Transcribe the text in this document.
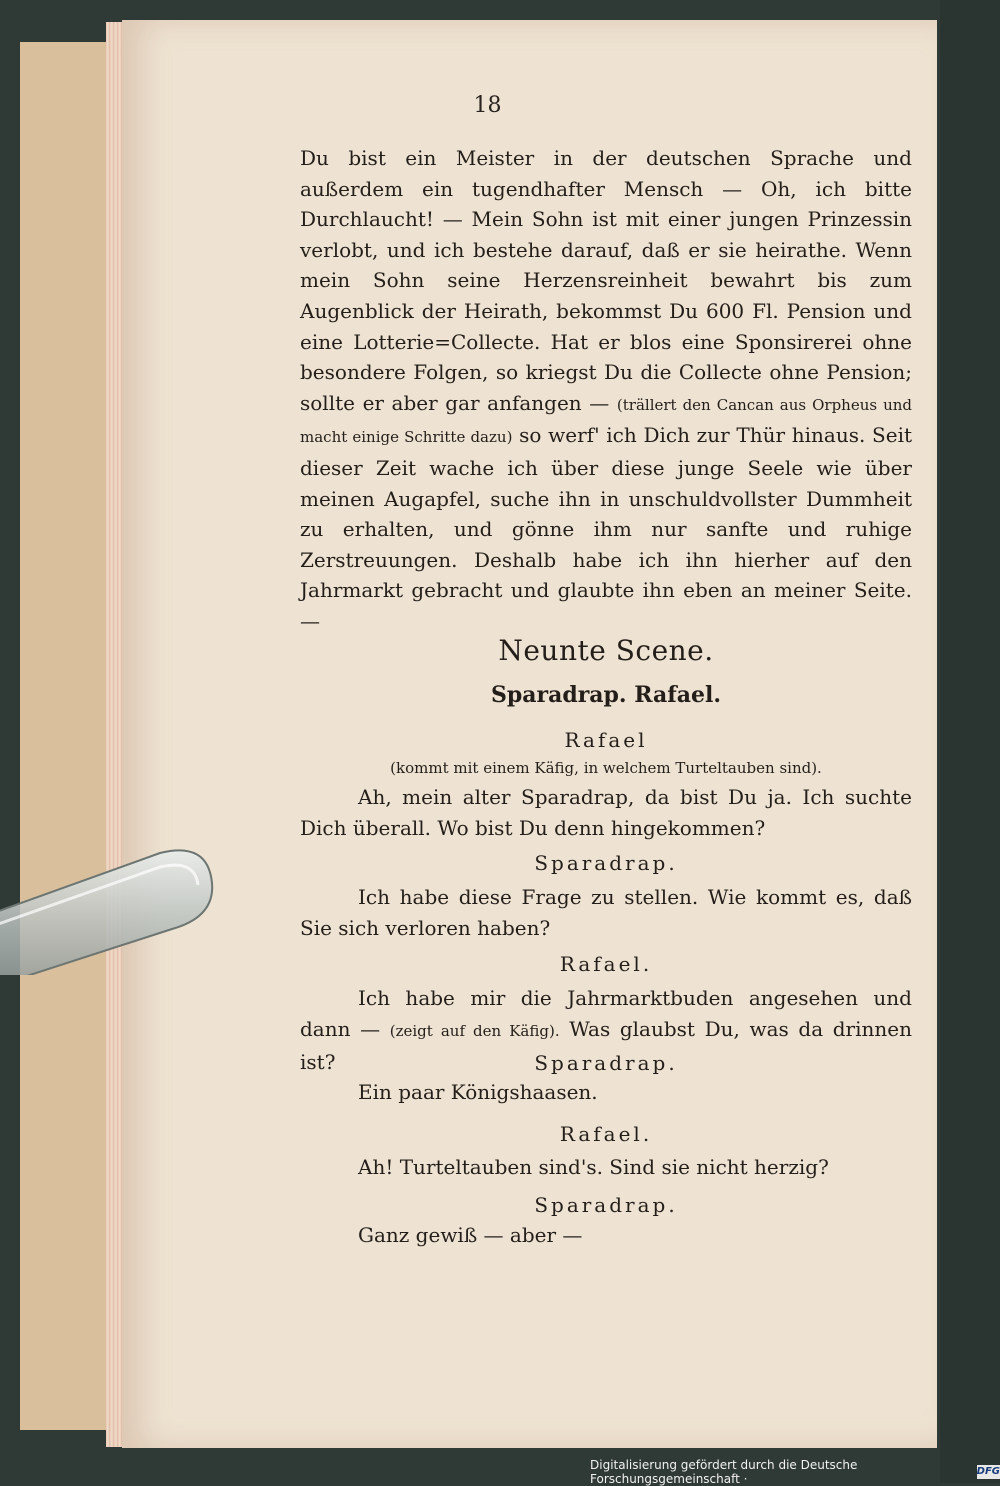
18
Du bist ein Meister in der deutschen Sprache und außerdem ein tugendhafter Mensch — Oh, ich bitte Durchlaucht! — Mein Sohn ist mit einer jungen Prinzessin verlobt, und ich bestehe darauf, daß er sie heirathe. Wenn mein Sohn seine Herzensreinheit bewahrt bis zum Augenblick der Heirath, bekommst Du 600 Fl. Pension und eine Lotterie=Collecte. Hat er blos eine Sponsirerei ohne besondere Folgen, so kriegst Du die Collecte ohne Pension; sollte er aber gar anfangen — (trällert den Cancan aus Orpheus und macht einige Schritte dazu) so werf' ich Dich zur Thür hinaus. Seit dieser Zeit wache ich über diese junge Seele wie über meinen Augapfel, suche ihn in unschuldvollster Dummheit zu erhalten, und gönne ihm nur sanfte und ruhige Zerstreuungen. Deshalb habe ich ihn hierher auf den Jahrmarkt gebracht und glaubte ihn eben an meiner Seite. —
Neunte Scene.
Sparadrap. Rafael.
Rafael
(kommt mit einem Käfig, in welchem Turteltauben sind).
Ah, mein alter Sparadrap, da bist Du ja. Ich suchte Dich überall. Wo bist Du denn hingekommen?
Sparadrap.
Ich habe diese Frage zu stellen. Wie kommt es, daß Sie sich verloren haben?
Rafael.
Ich habe mir die Jahrmarktbuden angesehen und dann — (zeigt auf den Käfig). Was glaubst Du, was da drinnen ist?	Sparadrap.
Ein paar Königshaasen.
Rafael.
Ah! Turteltauben sind's. Sind sie nicht herzig?
Sparadrap.
Ganz gewiß — aber —
Digitalisierung gefördert durch die Deutsche Forschungsgemeinschaft ·	DFG
